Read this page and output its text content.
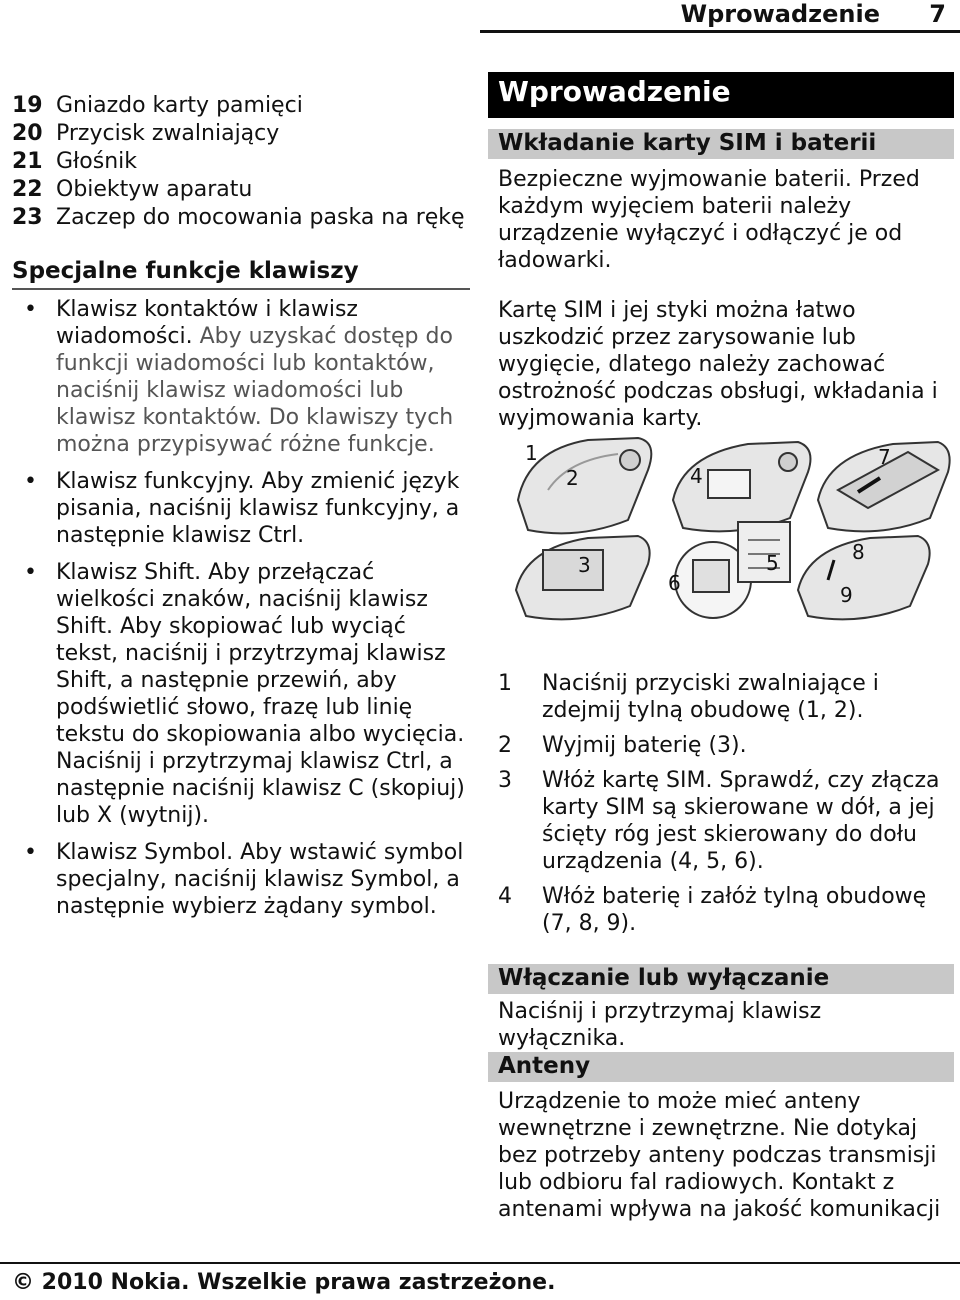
Wprowadzenie 7
19 Gniazdo karty pamięci
20 Przycisk zwalniający
21 Głośnik
22 Obiektyw aparatu
23 Zaczep do mocowania paska na rękę
Specjalne funkcje klawiszy
• Klawisz kontaktów i klawisz wiadomości. Aby uzyskać dostęp do funkcji wiadomości lub kontaktów, naciśnij klawisz wiadomości lub klawisz kontaktów. Do klawiszy tych można przypisywać różne funkcje.
• Klawisz funkcyjny. Aby zmienić język pisania, naciśnij klawisz funkcyjny, a następnie klawisz Ctrl.
• Klawisz Shift. Aby przełączać wielkości znaków, naciśnij klawisz Shift. Aby skopiować lub wyciąć tekst, naciśnij i przytrzymaj klawisz Shift, a następnie przewiń, aby podświetlić słowo, frazę lub linię tekstu do skopiowania albo wycięcia. Naciśnij i przytrzymaj klawisz Ctrl, a następnie naciśnij klawisz C (skopiuj) lub X (wytnij).
• Klawisz Symbol. Aby wstawić symbol specjalny, naciśnij klawisz Symbol, a następnie wybierz żądany symbol.
Wprowadzenie
Wkładanie karty SIM i baterii
Bezpieczne wyjmowanie baterii. Przed każdym wyjęciem baterii należy urządzenie wyłączyć i odłączyć je od ładowarki.
Kartę SIM i jej styki można łatwo uszkodzić przez zarysowanie lub wygięcie, dlatego należy zachować ostrożność podczas obsługi, wkładania i wyjmowania karty.
1
2
3
4
5
6
7
8
9
1 Naciśnij przyciski zwalniające i zdejmij tylną obudowę (1, 2).
2 Wyjmij baterię (3).
3 Włóż kartę SIM. Sprawdź, czy złącza karty SIM są skierowane w dół, a jej ścięty róg jest skierowany do dołu urządzenia (4, 5, 6).
4 Włóż baterię i załóż tylną obudowę (7, 8, 9).
Włączanie lub wyłączanie
Naciśnij i przytrzymaj klawisz wyłącznika.
Anteny
Urządzenie to może mieć anteny wewnętrzne i zewnętrzne. Nie dotykaj bez potrzeby anteny podczas transmisji lub odbioru fal radiowych. Kontakt z antenami wpływa na jakość komunikacji
© 2010 Nokia. Wszelkie prawa zastrzeżone.
